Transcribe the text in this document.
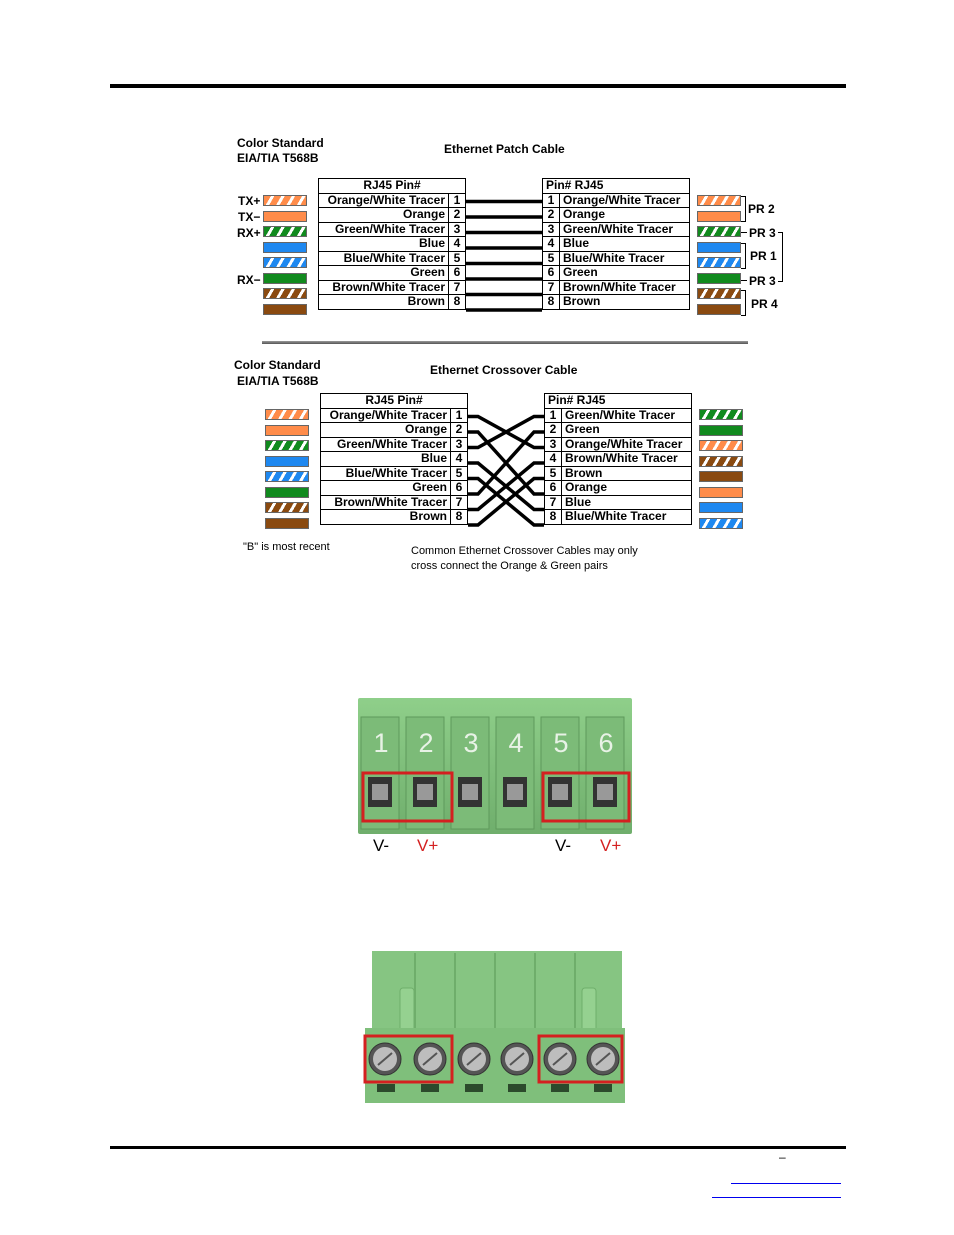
–
Color Standard
EIA/TIA T568B
Ethernet Patch Cable
TX+
TX−
RX+
RX−
RJ45 Pin#	
Orange/White Tracer	1
Orange	2
Green/White Tracer	3
Blue	4
Blue/White Tracer	5
Green	6
Brown/White Tracer	7
Brown	8
Pin# RJ45	
1	Orange/White Tracer
2	Orange
3	Green/White Tracer
4	Blue
5	Blue/White Tracer
6	Green
7	Brown/White Tracer
8	Brown
PR 2
PR 3
PR 1
PR 3
PR 4
Color Standard
EIA/TIA T568B
Ethernet Crossover Cable
RJ45 Pin#	
Orange/White Tracer	1
Orange	2
Green/White Tracer	3
Blue	4
Blue/White Tracer	5
Green	6
Brown/White Tracer	7
Brown	8
Pin# RJ45	
1	Green/White Tracer
2	Green
3	Orange/White Tracer
4	Brown/White Tracer
5	Brown
6	Orange
7	Blue
8	Blue/White Tracer
"B" is most recent	Common Ethernet Crossover Cables may only
cross connect the Orange & Green pairs
1 2 3 4 5 6
V- V+	V- V+
